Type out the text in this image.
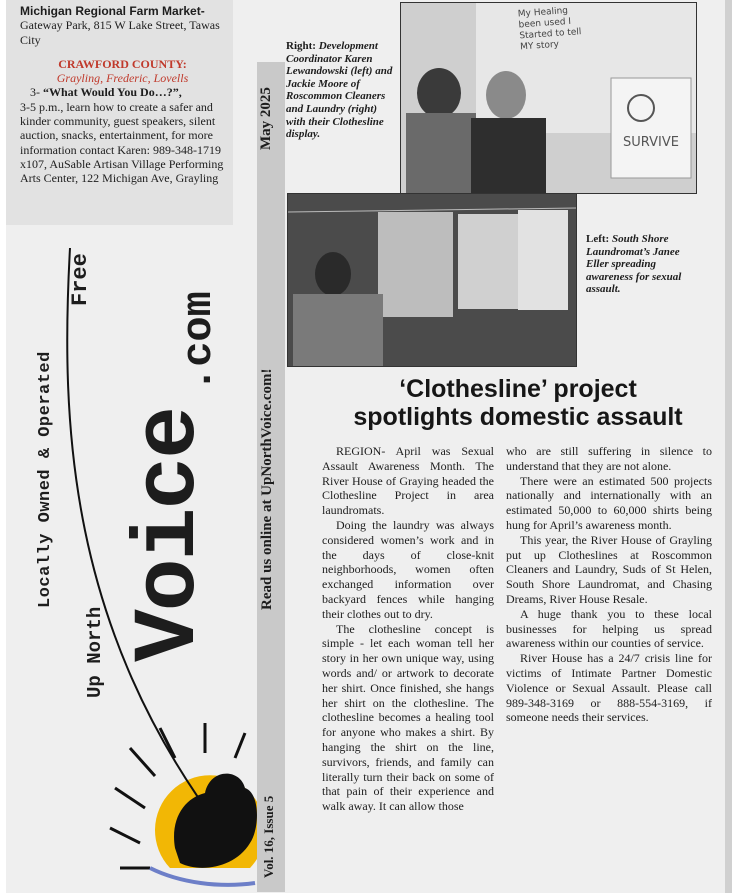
Michigan Regional Farm Market-
Gateway Park, 815 W Lake Street, Tawas City
CRAWFORD COUNTY:
Grayling, Frederic, Lovells
3- “What Would You Do…?”,
3-5 p.m., learn how to create a safer and kinder community, guest speakers, silent auction, snacks, entertainment, for more information contact Karen: 989-348-1719 x107, AuSable Artisan Village Performing Arts Center, 122 Michigan Ave, Grayling
Locally Owned & Operated
Free
Up North Voice
.com
May 2025
Read us online at UpNorthVoice.com!
Vol. 16, Issue 5
My Healing been used I Started to tell MY story
SURVIVE
Right: Development Coordinator Karen Lewandowski (left) and Jackie Moore of Roscommon Cleaners and Laundry (right) with their Clothesline display.
Left: South Shore Laundromat’s Janee Eller spreading awareness for sexual assault.
‘Clothesline’ project
spotlights domestic assault

REGION- April was Sexual Assault Awareness Month. The River House of Graying headed the Clothesline Project in area laundromats.

Doing the laundry was always considered women’s work and in the days of close-knit neighborhoods, women often exchanged information over backyard fences while hanging their clothes out to dry.

The clothesline concept is simple - let each woman tell her story in her own unique way, using words and/ or artwork to decorate her shirt. Once finished, she hangs her shirt on the clothesline. The clothesline becomes a healing tool for anyone who makes a shirt. By hanging the shirt on the line, survivors, friends, and family can literally turn their back on some of that pain of their experience and walk away. It can allow those

who are still suffering in silence to understand that they are not alone.

There were an estimated 500 projects nationally and internationally with an estimated 50,000 to 60,000 shirts being hung for April’s awareness month.

This year, the River House of Grayling put up Clotheslines at Roscommon Cleaners and Laundry, Suds of St Helen, South Shore Laundromat, and Chasing Dreams, River House Resale.

A huge thank you to these local businesses for helping us spread awareness within our counties of service.

River House has a 24/7 crisis line for victims of Intimate Partner Domestic Violence or Sexual Assault. Please call 989-348-3169 or 888-554-3169, if someone needs their services.
